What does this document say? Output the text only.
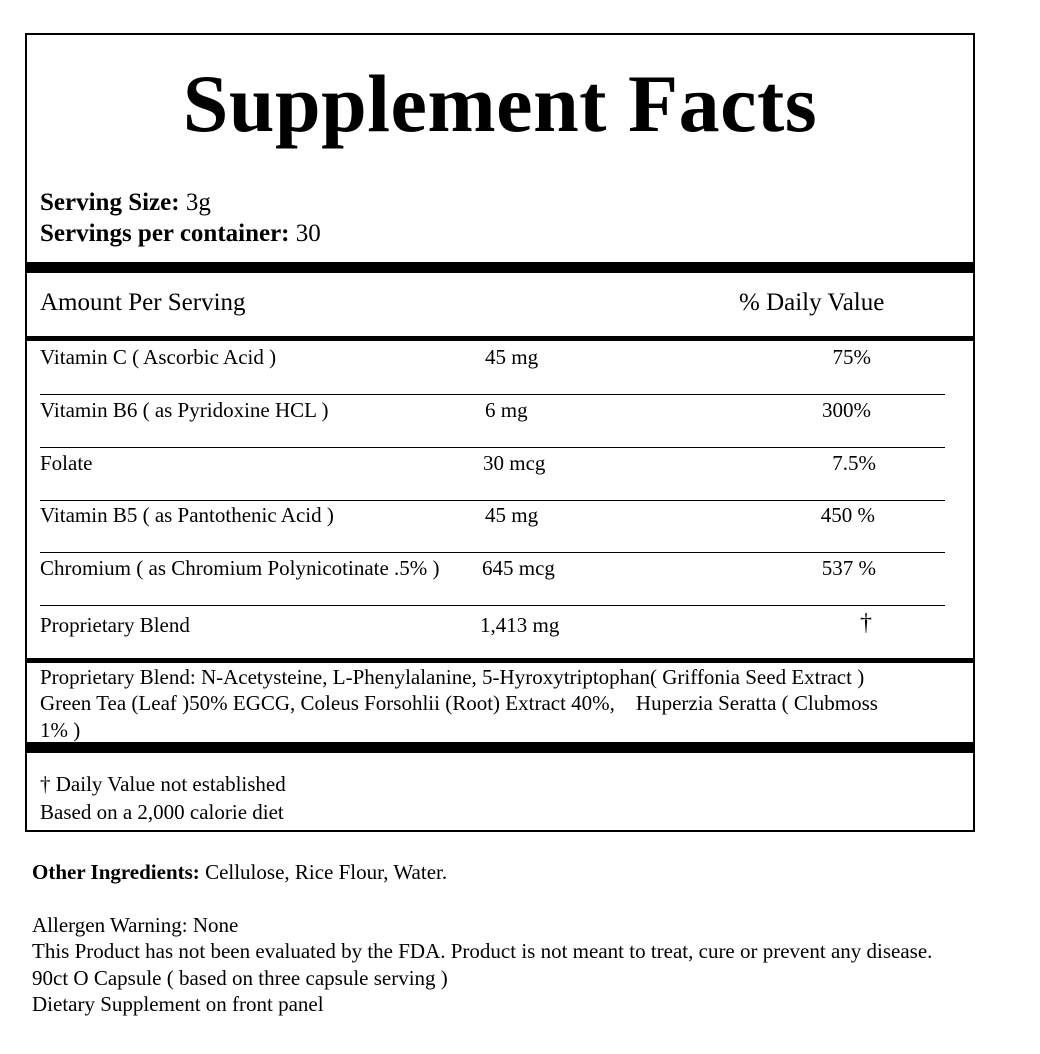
Supplement Facts
Serving Size: 3g
Servings per container: 30
Amount Per Serving	% Daily Value
Vitamin C ( Ascorbic Acid )	45 mg	75%
Vitamin B6 ( as Pyridoxine HCL )	6 mg	300%
Folate	30 mcg	7.5%
Vitamin B5 ( as Pantothenic Acid )	45 mg	450 %
Chromium ( as Chromium Polynicotinate .5% ) 645 mcg	537 %
Proprietary Blend	1,413 mg	†
Proprietary Blend: N-Acetysteine, L-Phenylalanine, 5-Hyroxytriptophan( Griffonia Seed Extract )
Green Tea (Leaf )50% EGCG, Coleus Forsohlii (Root) Extract 40%,    Huperzia Seratta ( Clubmoss
1% )
† Daily Value not established
Based on a 2,000 calorie diet
Other Ingredients: Cellulose, Rice Flour, Water.
Allergen Warning: None
This Product has not been evaluated by the FDA. Product is not meant to treat, cure or prevent any disease.
90ct O Capsule ( based on three capsule serving )
Dietary Supplement on front panel
